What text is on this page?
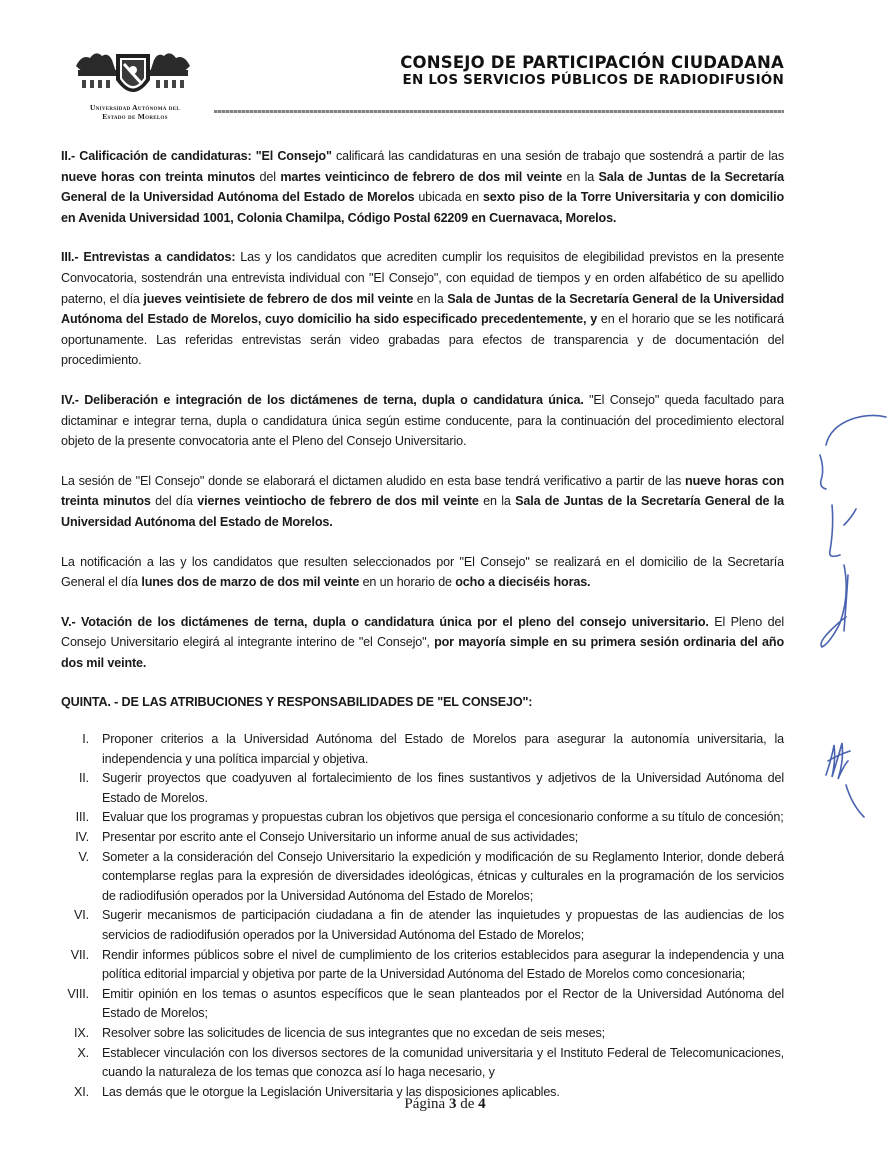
Universidad Autónoma del
Estado de Morelos
CONSEJO DE PARTICIPACIÓN CIUDADANA
EN LOS SERVICIOS PÚBLICOS DE RADIODIFUSIÓN

II.- Calificación de candidaturas: "El Consejo" calificará las candidaturas en una sesión de trabajo que sostendrá a partir de las nueve horas con treinta minutos del martes veinticinco de febrero de dos mil veinte en la Sala de Juntas de la Secretaría General de la Universidad Autónoma del Estado de Morelos ubicada en sexto piso de la Torre Universitaria y con domicilio en Avenida Universidad 1001, Colonia Chamilpa, Código Postal 62209 en Cuernavaca, Morelos.

III.- Entrevistas a candidatos: Las y los candidatos que acrediten cumplir los requisitos de elegibilidad previstos en la presente Convocatoria, sostendrán una entrevista individual con "El Consejo", con equidad de tiempos y en orden alfabético de su apellido paterno, el día jueves veintisiete de febrero de dos mil veinte en la Sala de Juntas de la Secretaría General de la Universidad Autónoma del Estado de Morelos, cuyo domicilio ha sido especificado precedentemente, y en el horario que se les notificará oportunamente. Las referidas entrevistas serán video grabadas para efectos de transparencia y de documentación del procedimiento.

IV.- Deliberación e integración de los dictámenes de terna, dupla o candidatura única. "El Consejo" queda facultado para dictaminar e integrar terna, dupla o candidatura única según estime conducente, para la continuación del procedimiento electoral objeto de la presente convocatoria ante el Pleno del Consejo Universitario.

La sesión de "El Consejo" donde se elaborará el dictamen aludido en esta base tendrá verificativo a partir de las nueve horas con treinta minutos del día viernes veintiocho de febrero de dos mil veinte en la Sala de Juntas de la Secretaría General de la Universidad Autónoma del Estado de Morelos.

La notificación a las y los candidatos que resulten seleccionados por "El Consejo" se realizará en el domicilio de la Secretaría General el día lunes dos de marzo de dos mil veinte en un horario de ocho a dieciséis horas.

V.- Votación de los dictámenes de terna, dupla o candidatura única por el pleno del consejo universitario. El Pleno del Consejo Universitario elegirá al integrante interino de "el Consejo", por mayoría simple en su primera sesión ordinaria del año dos mil veinte.

QUINTA. - DE LAS ATRIBUCIONES Y RESPONSABILIDADES DE "EL CONSEJO":
I. Proponer criterios a la Universidad Autónoma del Estado de Morelos para asegurar la autonomía universitaria, la independencia y una política imparcial y objetiva.
II. Sugerir proyectos que coadyuven al fortalecimiento de los fines sustantivos y adjetivos de la Universidad Autónoma del Estado de Morelos.
III. Evaluar que los programas y propuestas cubran los objetivos que persiga el concesionario conforme a su título de concesión;
IV. Presentar por escrito ante el Consejo Universitario un informe anual de sus actividades;
V. Someter a la consideración del Consejo Universitario la expedición y modificación de su Reglamento Interior, donde deberá contemplarse reglas para la expresión de diversidades ideológicas, étnicas y culturales en la programación de los servicios de radiodifusión operados por la Universidad Autónoma del Estado de Morelos;
VI. Sugerir mecanismos de participación ciudadana a fin de atender las inquietudes y propuestas de las audiencias de los servicios de radiodifusión operados por la Universidad Autónoma del Estado de Morelos;
VII. Rendir informes públicos sobre el nivel de cumplimiento de los criterios establecidos para asegurar la independencia y una política editorial imparcial y objetiva por parte de la Universidad Autónoma del Estado de Morelos como concesionaria;
VIII. Emitir opinión en los temas o asuntos específicos que le sean planteados por el Rector de la Universidad Autónoma del Estado de Morelos;
IX. Resolver sobre las solicitudes de licencia de sus integrantes que no excedan de seis meses;
X. Establecer vinculación con los diversos sectores de la comunidad universitaria y el Instituto Federal de Telecomunicaciones, cuando la naturaleza de los temas que conozca así lo haga necesario, y
XI. Las demás que le otorgue la Legislación Universitaria y las disposiciones aplicables.
Página 3 de 4
